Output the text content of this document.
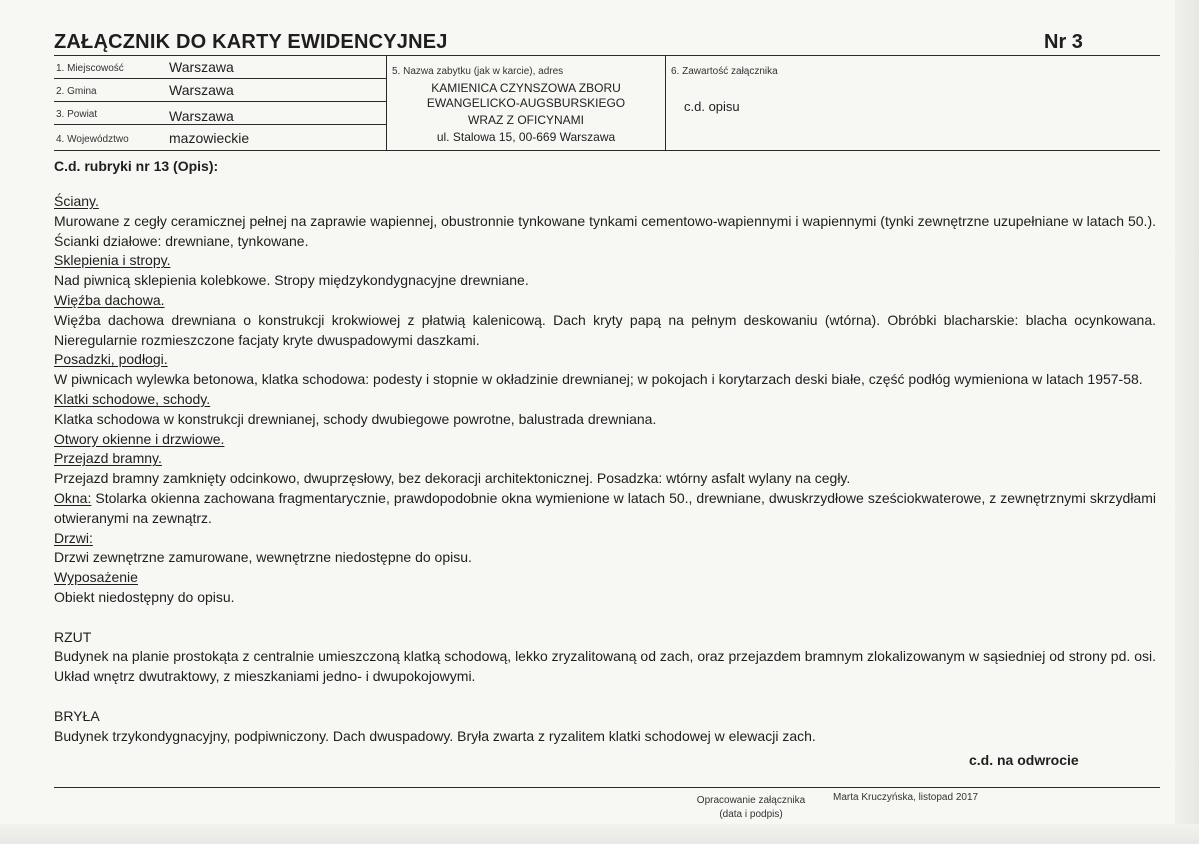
ZAŁĄCZNIK DO KARTY EWIDENCYJNEJ	Nr 3
1. Miejscowość	Warszawa
2. Gmina	Warszawa
3. Powiat	Warszawa
4. Województwo	mazowieckie
5. Nazwa zabytku (jak w karcie), adres
KAMIENICA CZYNSZOWA ZBORU
EWANGELICKO-AUGSBURSKIEGO
WRAZ Z OFICYNAMI
ul. Stalowa 15, 00-669 Warszawa
6. Zawartość załącznika
c.d. opisu
C.d. rubryki nr 13 (Opis):

Ściany.

Murowane z cegły ceramicznej pełnej na zaprawie wapiennej, obustronnie tynkowane tynkami cementowo-wapiennymi i wapiennymi (tynki zewnętrzne uzupełniane w latach 50.). Ścianki działowe: drewniane, tynkowane.

Sklepienia i stropy.

Nad piwnicą sklepienia kolebkowe. Stropy międzykondygnacyjne drewniane.

Więźba dachowa.

Więźba dachowa drewniana o konstrukcji krokwiowej z płatwią kalenicową. Dach kryty papą na pełnym deskowaniu (wtórna). Obróbki blacharskie: blacha ocynkowana. Nieregularnie rozmieszczone facjaty kryte dwuspadowymi daszkami.

Posadzki, podłogi.

W piwnicach wylewka betonowa, klatka schodowa: podesty i stopnie w okładzinie drewnianej; w pokojach i korytarzach deski białe, część podłóg wymieniona w latach 1957-58.

Klatki schodowe, schody.

Klatka schodowa w konstrukcji drewnianej, schody dwubiegowe powrotne, balustrada drewniana.

Otwory okienne i drzwiowe.

Przejazd bramny.

Przejazd bramny zamknięty odcinkowo, dwuprzęsłowy, bez dekoracji architektonicznej. Posadzka: wtórny asfalt wylany na cegły.

Okna: Stolarka okienna zachowana fragmentarycznie, prawdopodobnie okna wymienione w latach 50., drewniane, dwuskrzydłowe sześciokwaterowe, z zewnętrznymi skrzydłami otwieranymi na zewnątrz.

Drzwi:

Drzwi zewnętrzne zamurowane, wewnętrzne niedostępne do opisu.

Wyposażenie

Obiekt niedostępny do opisu.

RZUT

Budynek na planie prostokąta z centralnie umieszczoną klatką schodową, lekko zryzalitowaną od zach, oraz przejazdem bramnym zlokalizowanym w sąsiedniej od strony pd. osi. Układ wnętrz dwutraktowy, z mieszkaniami jedno- i dwupokojowymi.

BRYŁA

Budynek trzykondygnacyjny, podpiwniczony. Dach dwuspadowy. Bryła zwarta z ryzalitem klatki schodowej w elewacji zach.

c.d. na odwrocie
Opracowanie załącznika
(data i podpis)
Marta Kruczyńska, listopad 2017
